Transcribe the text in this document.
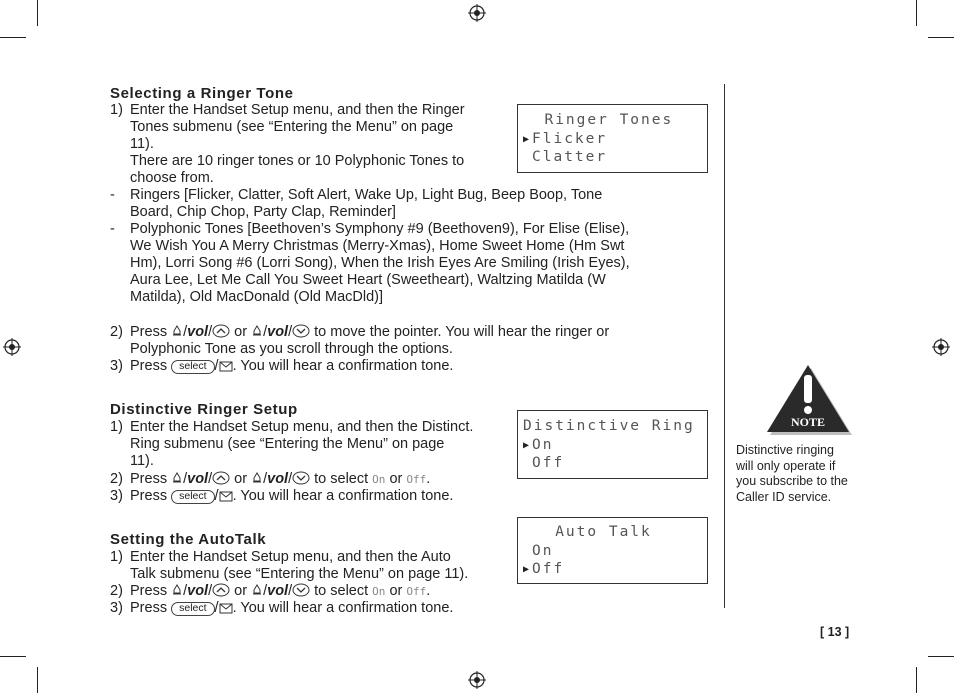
Selecting a Ringer Tone
1) Enter the Handset Setup menu, and then the Ringer
Tones submenu (see “Entering the Menu” on page
11).
There are 10 ringer tones or 10 Polyphonic Tones to
choose from.
- Ringers [Flicker, Clatter, Soft Alert, Wake Up, Light Bug, Beep Boop, Tone
Board, Chip Chop, Party Clap, Reminder]
- Polyphonic Tones [Beethoven’s Symphony #9 (Beethoven9), For Elise (Elise),
We Wish You A Merry Christmas (Merry-Xmas), Home Sweet Home (Hm Swt
Hm), Lorri Song #6 (Lorri Song), When the Irish Eyes Are Smiling (Irish Eyes),
Aura Lee, Let Me Call You Sweet Heart (Sweetheart), Waltzing Matilda (W
Matilda), Old MacDonald (Old MacDld)]
2) Press /vol/ or /vol/ to move the pointer. You will hear the ringer or
Polyphonic Tone as you scroll through the options.
3) Press select / . You will hear a confirmation tone.
Ringer Tones
▶ Flicker
Clatter
Distinctive Ringer Setup
1) Enter the Handset Setup menu, and then the Distinct.
Ring submenu (see “Entering the Menu” on page
11).
2) Press /vol/ or /vol/ to select On or Off.
3) Press select / . You will hear a confirmation tone.
Distinctive Ring
▶ On
Off
Setting the AutoTalk
1) Enter the Handset Setup menu, and then the Auto
Talk submenu (see “Entering the Menu” on page 11).
2) Press /vol/ or /vol/ to select On or Off.
3) Press select / . You will hear a confirmation tone.
Auto Talk
On
▶ Off
NOTE
Distinctive ringing
will only operate if
you subscribe to the
Caller ID service.
[ 13 ]
